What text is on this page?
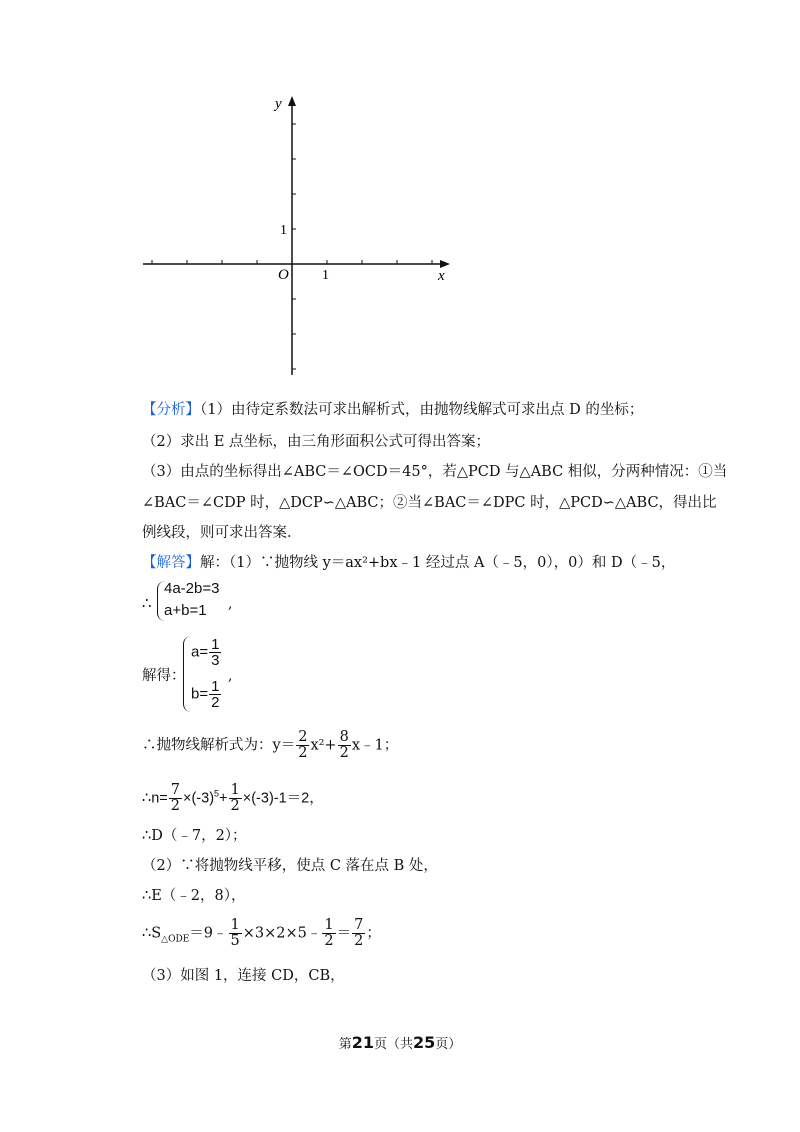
y
x
O 1
1
【分析】（1）由待定系数法可求出解析式，由抛物线解式可求出点 D 的坐标；
（2）求出 E 点坐标，由三角形面积公式可得出答案；
（3）由点的坐标得出∠ABC＝∠OCD＝45°，若△PCD 与△ABC 相似，分两种情况：①当
∠BAC＝∠CDP 时，△DCP∽△ABC；②当∠BAC＝∠DPC 时，△PCD∽△ABC，得出比
例线段，则可求出答案．
【解答】解：（1）∵抛物线 y＝ax²+bx﹣1 经过点 A（﹣5，0），0）和 D（﹣5，
∴
4a-2b=3
a+b=1 ,
解得：
$a= \frac{1}{3}$
$b= \frac{1}{2}$
,
∴抛物线解析式为：$y= \frac{2}{2} x^2+ \frac{8}{2}$ x﹣1；
∴n= $\frac{7}{2} \times(-3)^5+ \frac{1}{2} \times(-3)-1=2$，
∴D（﹣7，2）；
（2）∵将抛物线平移，使点 C 落在点 B 处，
∴E（﹣2，8），
$\therefore S_{\triangle ODE}=9﹣ \frac{1}{5}$ ×3×2×5﹣ $\frac{1}{2} = \frac{7}{2}$ ；
（3）如图 1，连接 CD，CB，
第21页（共25页）
